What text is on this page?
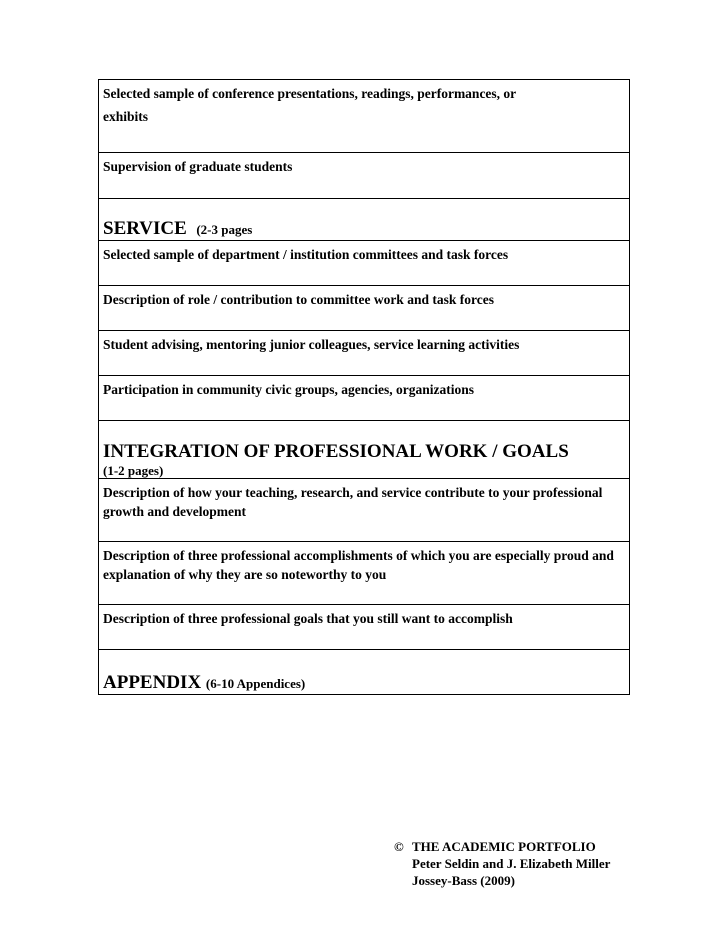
Selected sample of conference presentations, readings, performances, or
exhibits
Supervision of graduate students
SERVICE (2-3 pages
Selected sample of department / institution committees and task forces
Description of role / contribution to committee work and task forces
Student advising, mentoring junior colleagues, service learning activities
Participation in community civic groups, agencies, organizations
INTEGRATION OF PROFESSIONAL WORK / GOALS
(1-2 pages)
Description of how your teaching, research, and service contribute to your professional growth and development
Description of three professional accomplishments of which you are especially proud and explanation of why they are so noteworthy to you
Description of three professional goals that you still want to accomplish
APPENDIX (6-10 Appendices)
© THE ACADEMIC PORTFOLIO
Peter Seldin and J. Elizabeth Miller
Jossey-Bass (2009)
